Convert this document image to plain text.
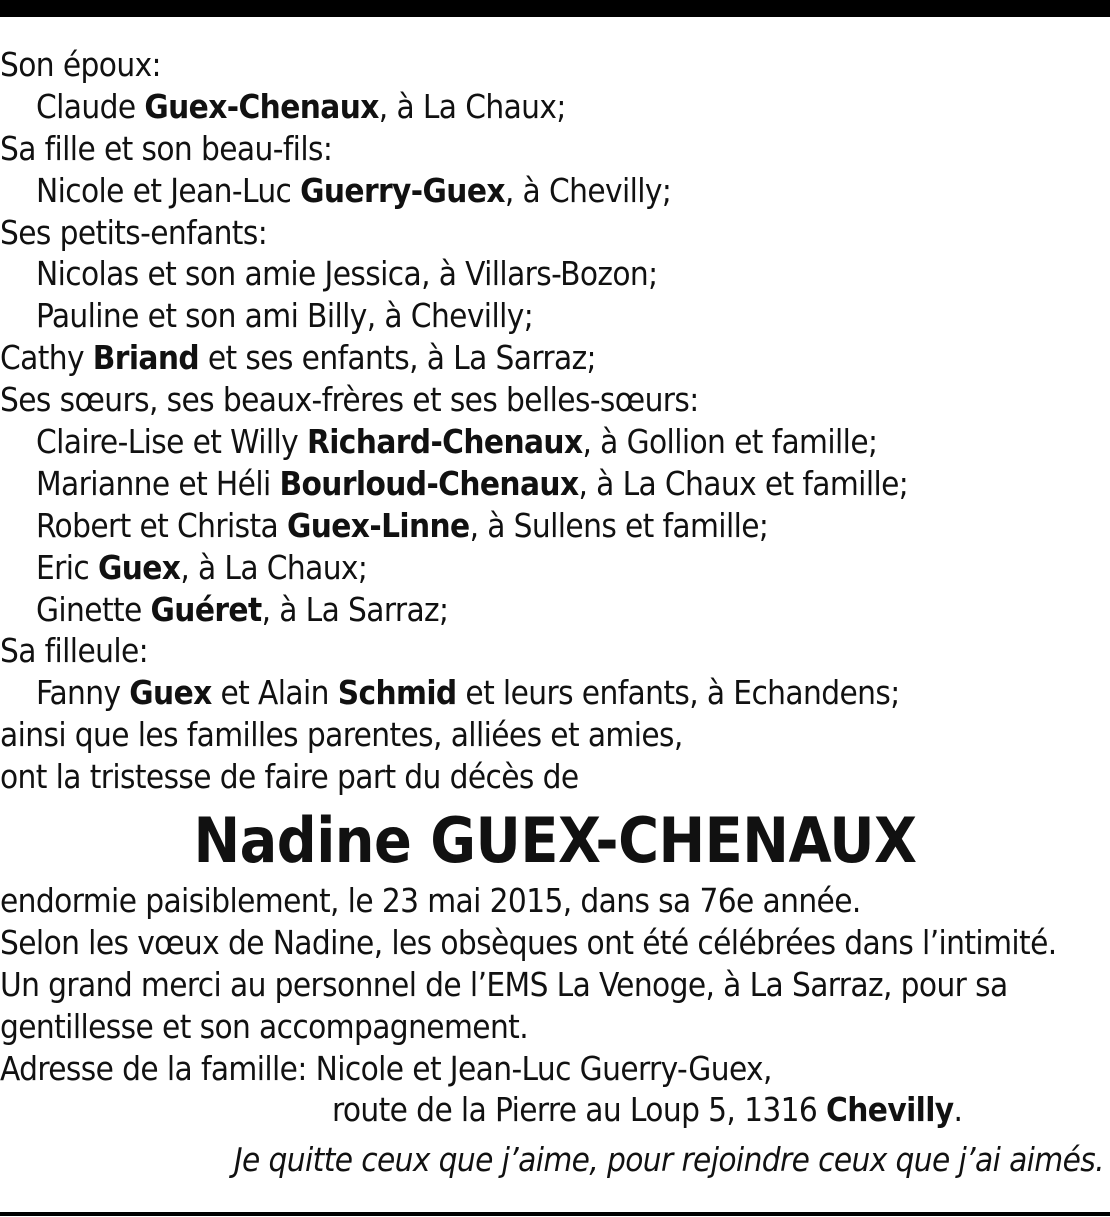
Son époux:
Claude Guex-Chenaux, à La Chaux;
Sa fille et son beau-fils:
Nicole et Jean-Luc Guerry-Guex, à Chevilly;
Ses petits-enfants:
Nicolas et son amie Jessica, à Villars-Bozon;
Pauline et son ami Billy, à Chevilly;
Cathy Briand et ses enfants, à La Sarraz;
Ses sœurs, ses beaux-frères et ses belles-sœurs:
Claire-Lise et Willy Richard-Chenaux, à Gollion et famille;
Marianne et Héli Bourloud-Chenaux, à La Chaux et famille;
Robert et Christa Guex-Linne, à Sullens et famille;
Eric Guex, à La Chaux;
Ginette Guéret, à La Sarraz;
Sa filleule:
Fanny Guex et Alain Schmid et leurs enfants, à Echandens;
ainsi que les familles parentes, alliées et amies,
ont la tristesse de faire part du décès de
Nadine GUEX-CHENAUX
endormie paisiblement, le 23 mai 2015, dans sa 76e année.
Selon les vœux de Nadine, les obsèques ont été célébrées dans l’intimité.
Un grand merci au personnel de l’EMS La Venoge, à La Sarraz, pour sa
gentillesse et son accompagnement.
Adresse de la famille: Nicole et Jean-Luc Guerry-Guex,
route de la Pierre au Loup 5, 1316 Chevilly.
Je quitte ceux que j’aime, pour rejoindre ceux que j’ai aimés.
